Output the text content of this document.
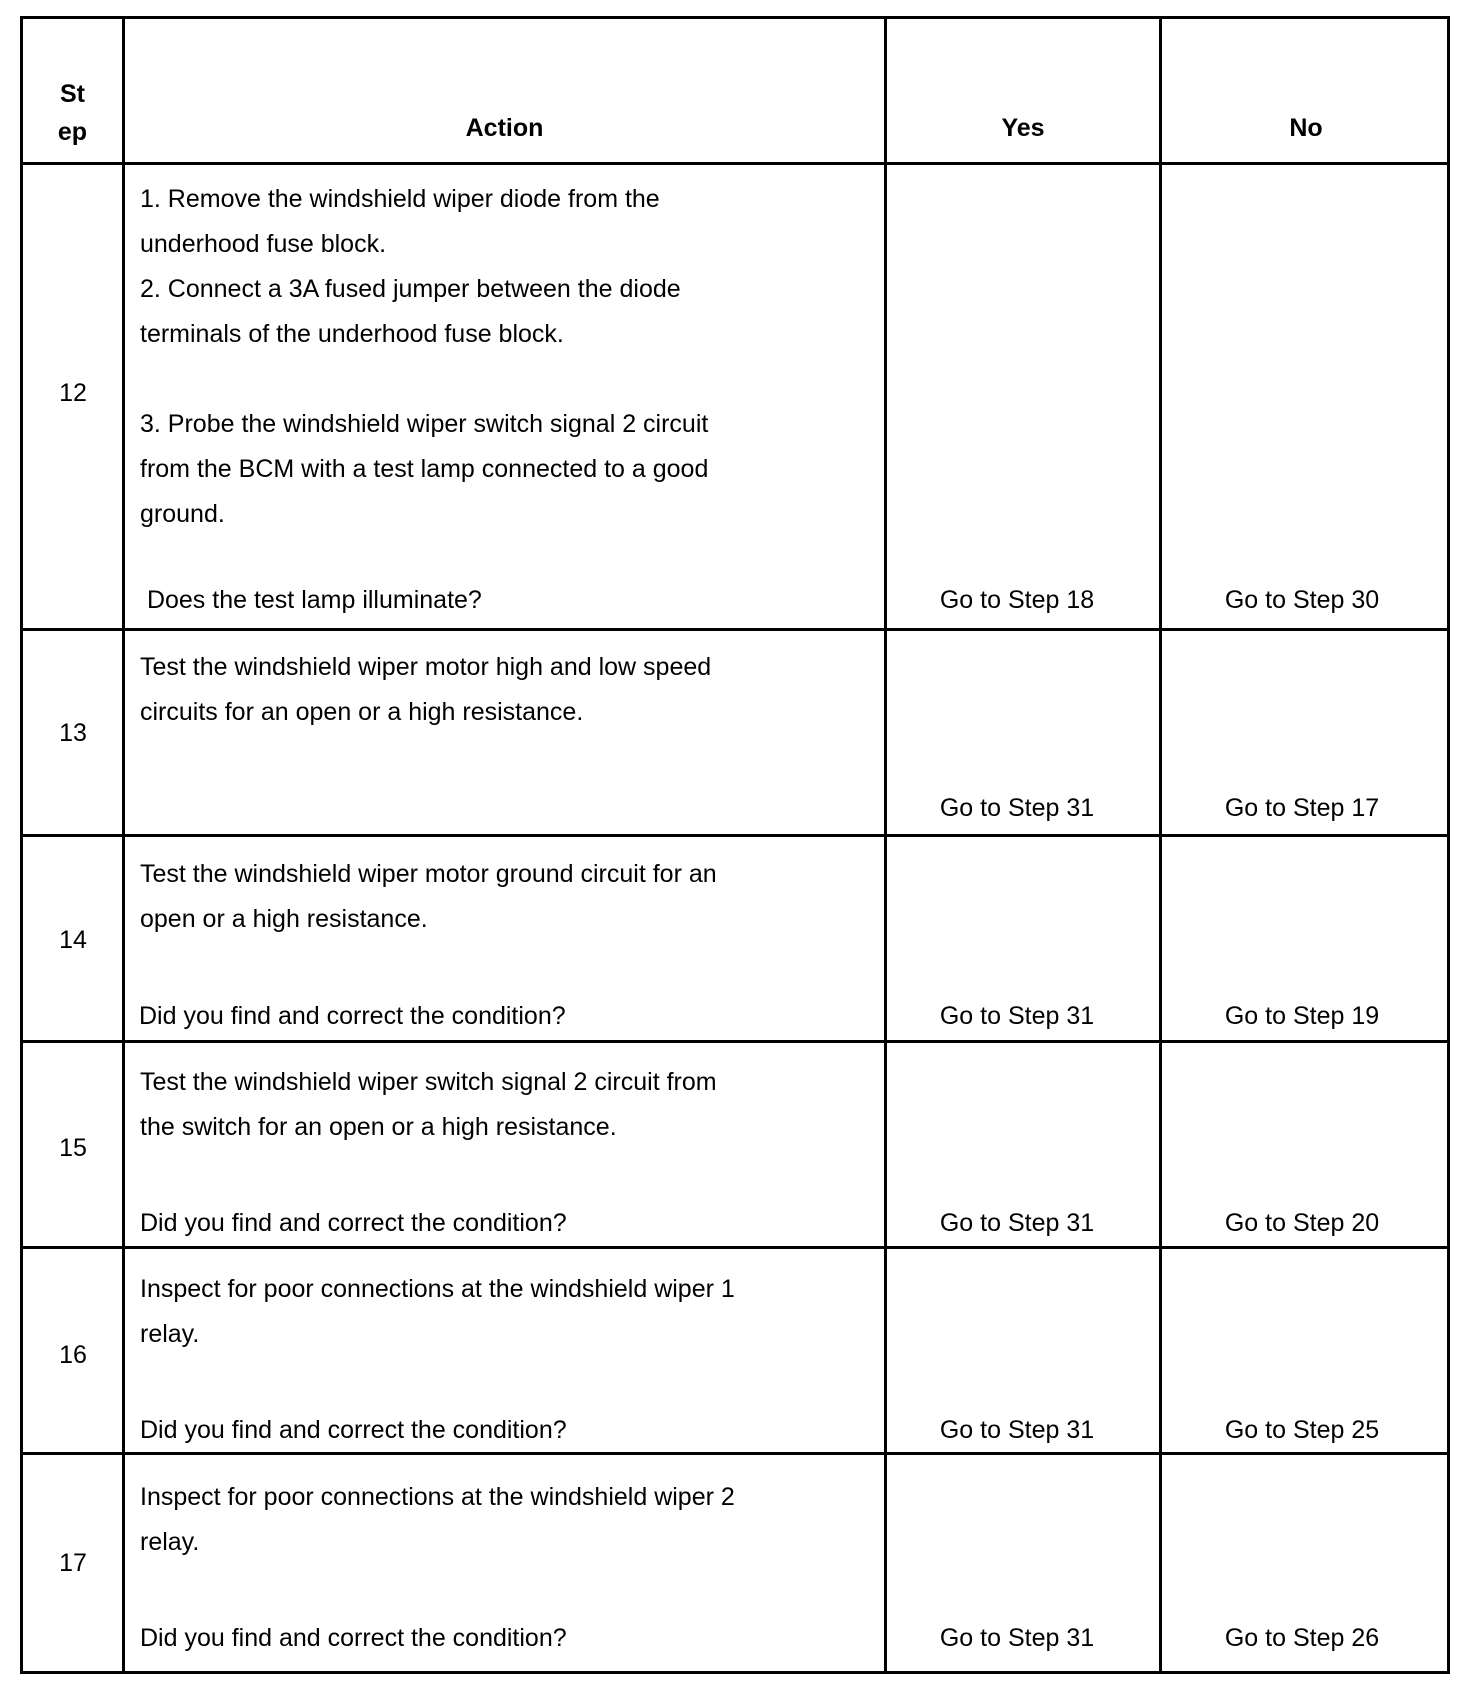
St
ep	Action	Yes	No
12
1. Remove the windshield wiper diode from the
underhood fuse block.
2. Connect a 3A fused jumper between the diode
terminals of the underhood fuse block.
3. Probe the windshield wiper switch signal 2 circuit
from the BCM with a test lamp connected to a good
ground.
Does the test lamp illuminate?	Go to Step 18	Go to Step 30
13
Test the windshield wiper motor high and low speed
circuits for an open or a high resistance.
Go to Step 31	Go to Step 17
14
Test the windshield wiper motor ground circuit for an
open or a high resistance.
Did you find and correct the condition?	Go to Step 31	Go to Step 19
15
Test the windshield wiper switch signal 2 circuit from
the switch for an open or a high resistance.
Did you find and correct the condition?	Go to Step 31	Go to Step 20
16
Inspect for poor connections at the windshield wiper 1
relay.
Did you find and correct the condition?	Go to Step 31	Go to Step 25
17
Inspect for poor connections at the windshield wiper 2
relay.
Did you find and correct the condition?	Go to Step 31	Go to Step 26
